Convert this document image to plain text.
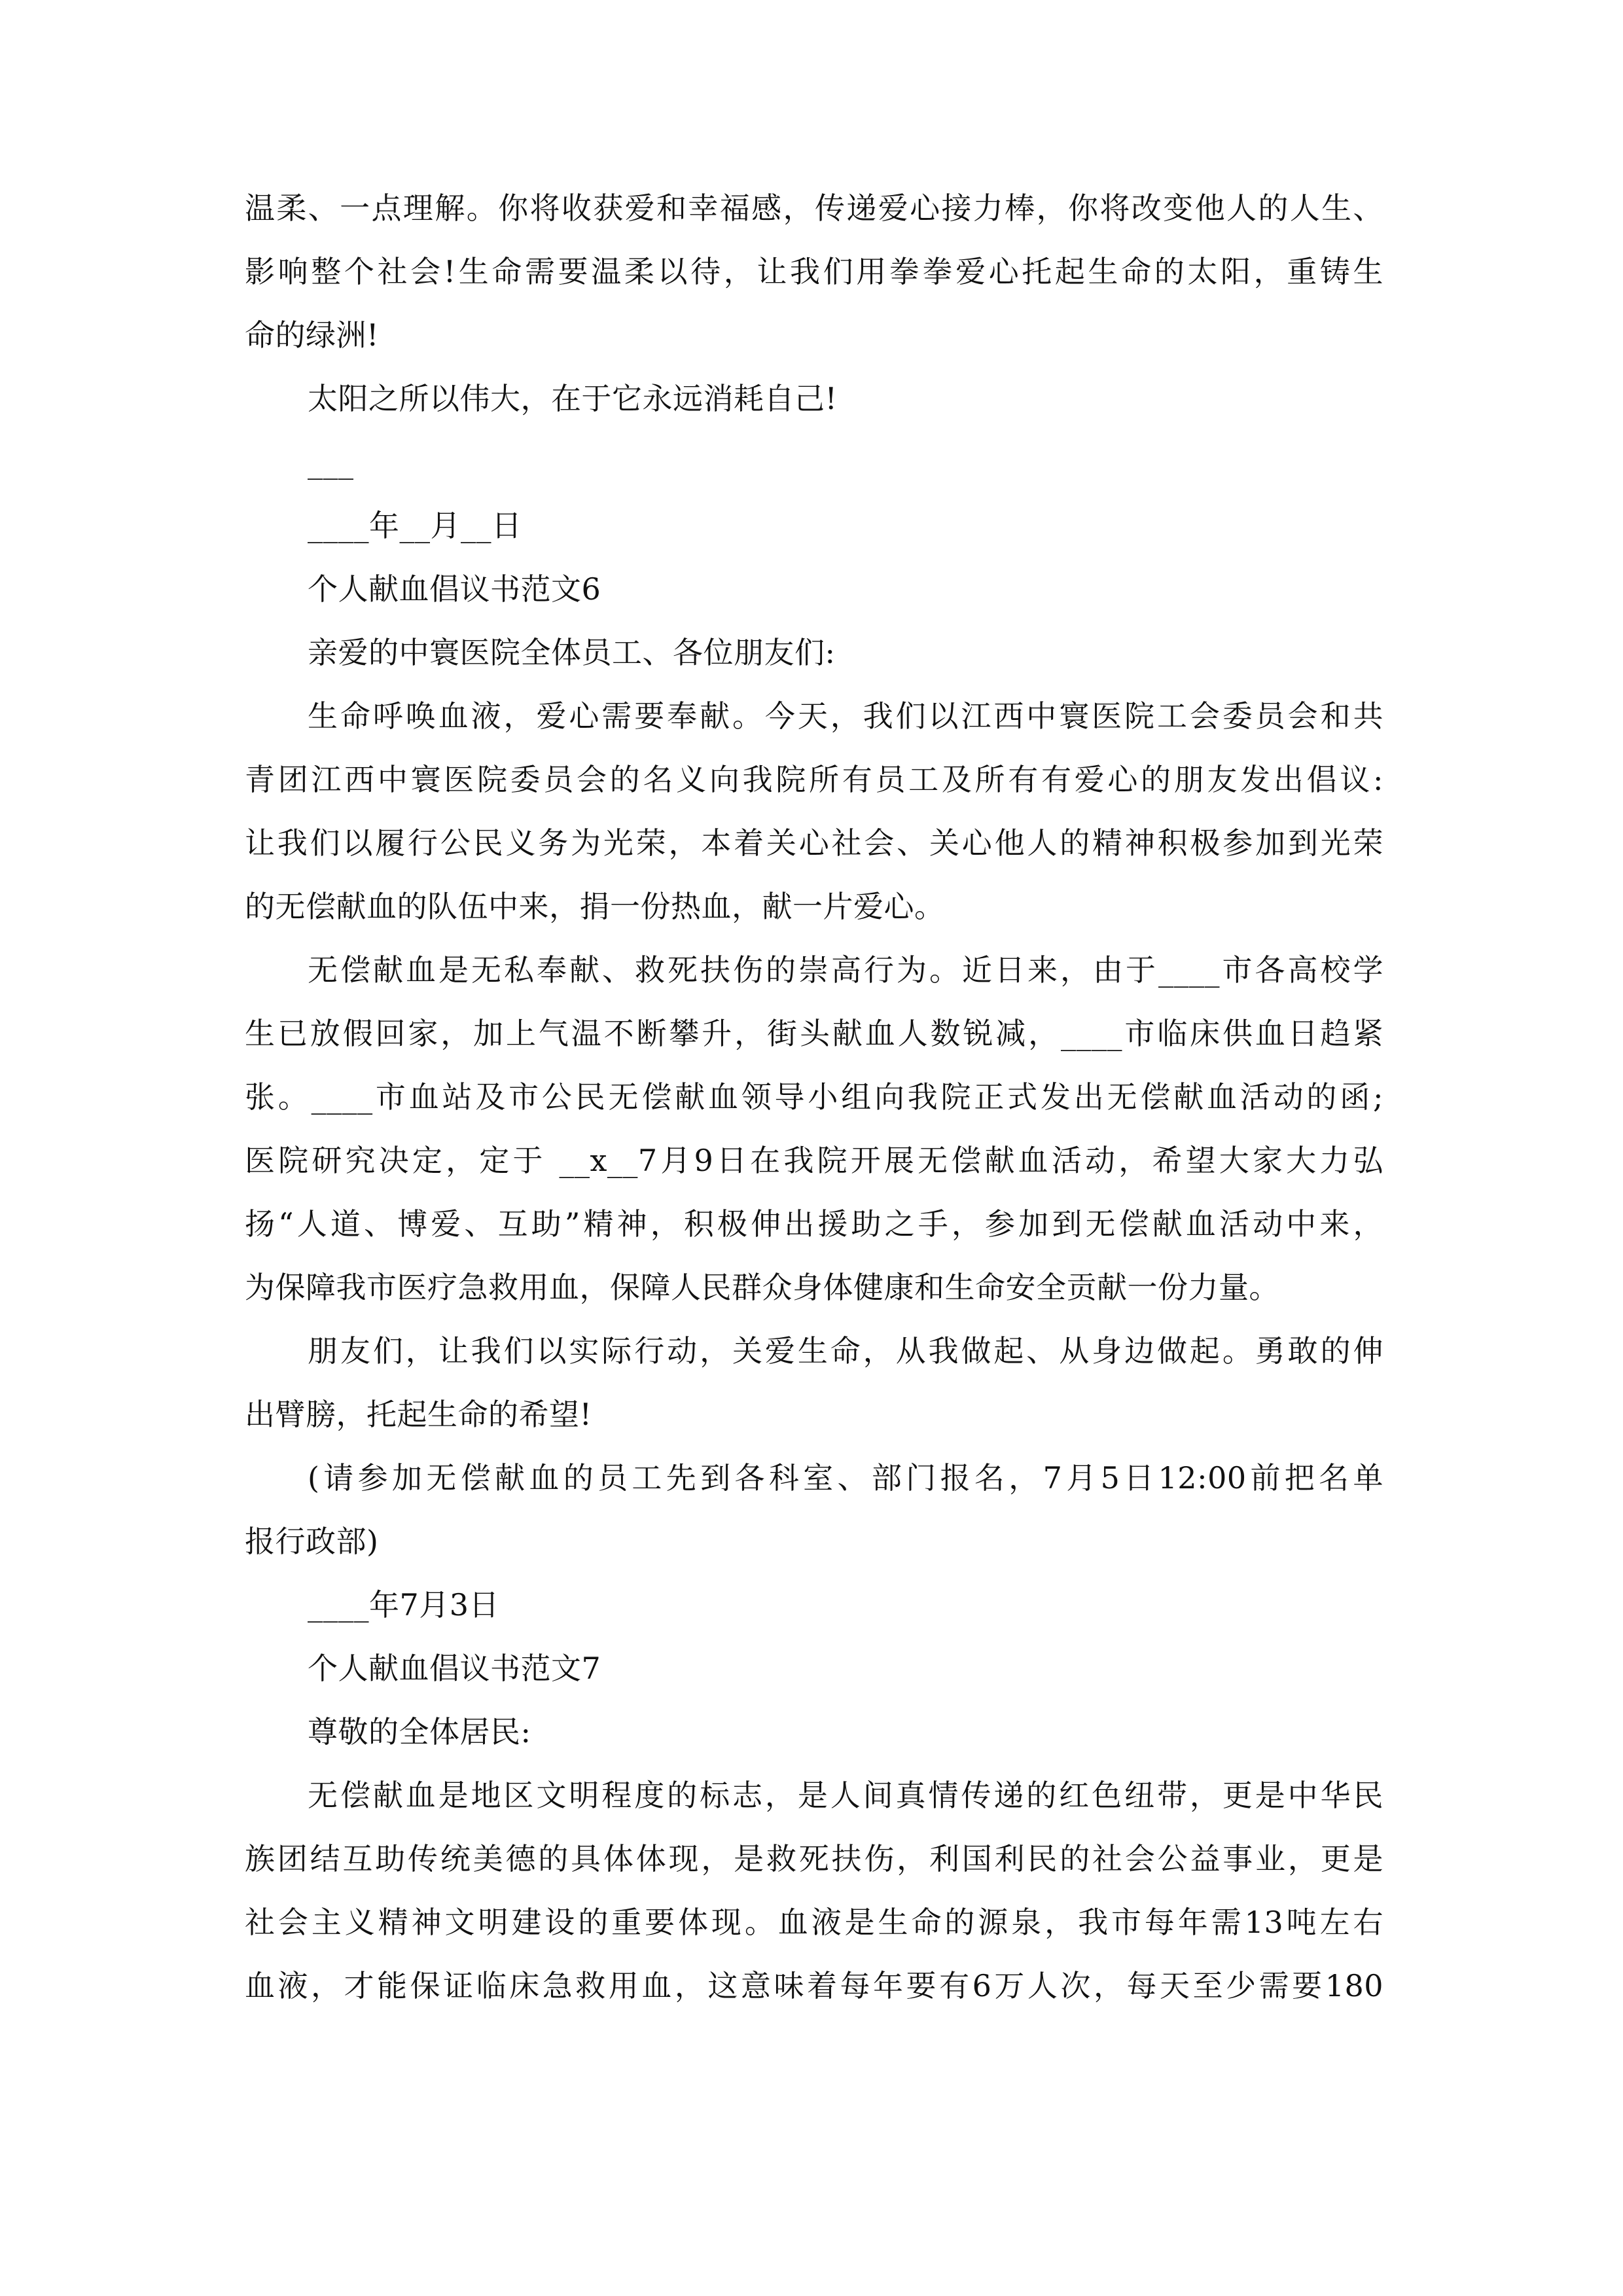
温柔、一点理解。你将收获爱和幸福感，传递爱心接力棒，你将改变他人的人生、
影响整个社会!生命需要温柔以待，让我们用拳拳爱心托起生命的太阳，重铸生
命的绿洲!
太阳之所以伟大，在于它永远消耗自己!
___
____年__月__日
个人献血倡议书范文6
亲爱的中寰医院全体员工、各位朋友们:
生命呼唤血液，爱心需要奉献。今天，我们以江西中寰医院工会委员会和共
青团江西中寰医院委员会的名义向我院所有员工及所有有爱心的朋友发出倡议:
让我们以履行公民义务为光荣，本着关心社会、关心他人的精神积极参加到光荣
的无偿献血的队伍中来，捐一份热血，献一片爱心。
无偿献血是无私奉献、救死扶伤的崇高行为。近日来，由于____市各高校学
生已放假回家，加上气温不断攀升，街头献血人数锐减，____市临床供血日趋紧
张。____市血站及市公民无偿献血领导小组向我院正式发出无偿献血活动的函;
医院研究决定，定于 __x__7月9日在我院开展无偿献血活动，希望大家大力弘
扬“人道、博爱、互助”精神，积极伸出援助之手，参加到无偿献血活动中来，
为保障我市医疗急救用血，保障人民群众身体健康和生命安全贡献一份力量。
朋友们，让我们以实际行动，关爱生命，从我做起、从身边做起。勇敢的伸
出臂膀，托起生命的希望!
(请参加无偿献血的员工先到各科室、部门报名，7月5日12:00前把名单
报行政部)
____年7月3日
个人献血倡议书范文7
尊敬的全体居民:
无偿献血是地区文明程度的标志，是人间真情传递的红色纽带，更是中华民
族团结互助传统美德的具体体现，是救死扶伤，利国利民的社会公益事业，更是
社会主义精神文明建设的重要体现。血液是生命的源泉，我市每年需13吨左右
血液，才能保证临床急救用血，这意味着每年要有6万人次，每天至少需要180
